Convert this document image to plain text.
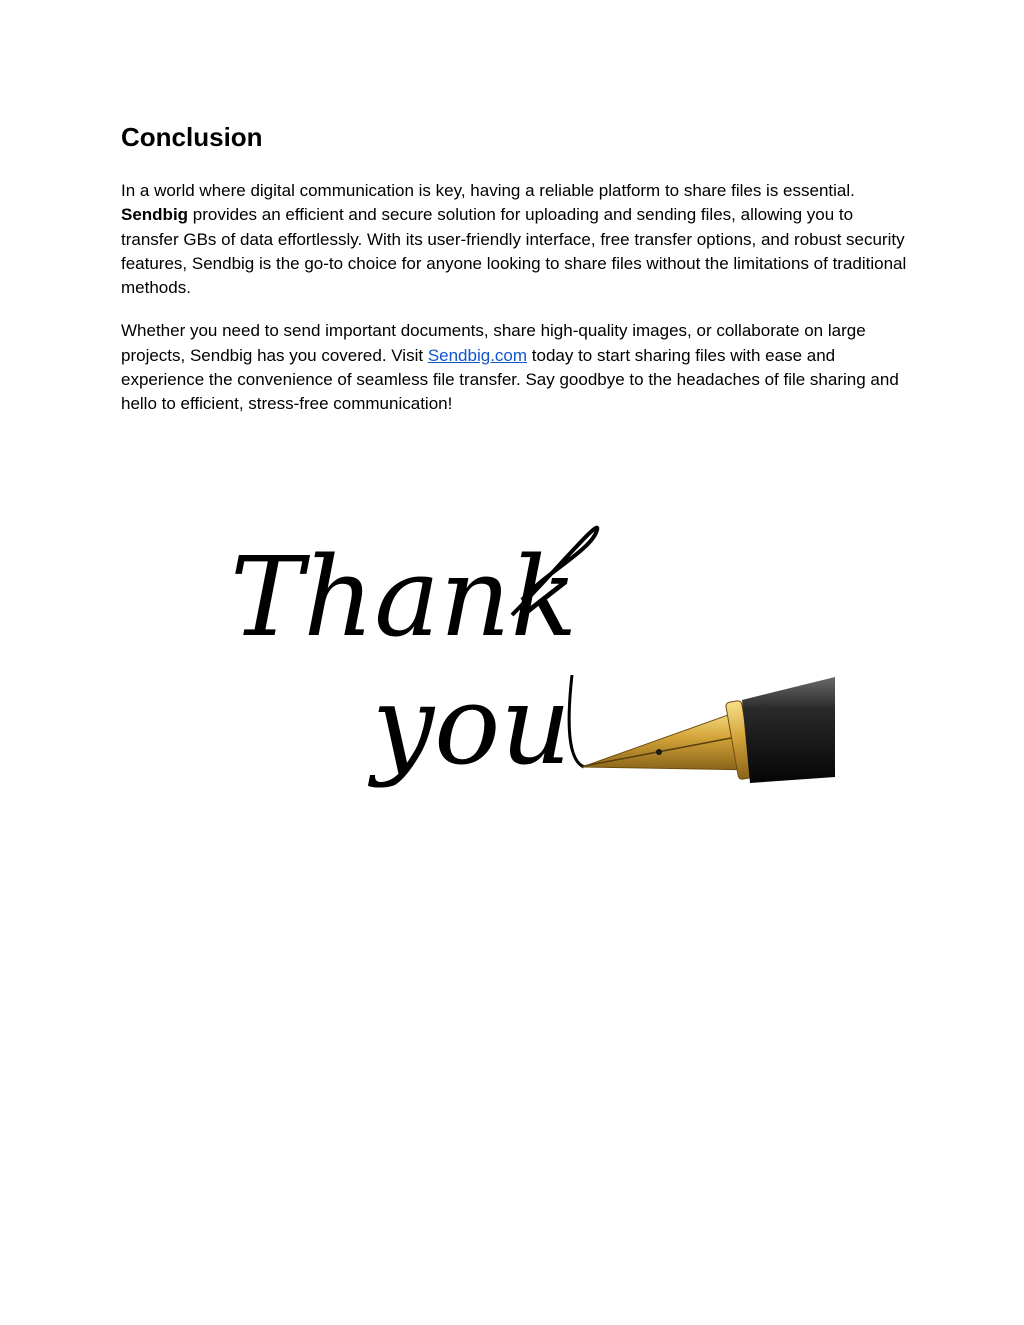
Conclusion

In a world where digital communication is key, having a reliable platform to share files is essential. Sendbig provides an efficient and secure solution for uploading and sending files, allowing you to transfer GBs of data effortlessly. With its user-friendly interface, free transfer options, and robust security features, Sendbig is the go-to choice for anyone looking to share files without the limitations of traditional methods.

Whether you need to send important documents, share high-quality images, or collaborate on large projects, Sendbig has you covered. Visit Sendbig.com today to start sharing files with ease and experience the convenience of seamless file transfer. Say goodbye to the headaches of file sharing and hello to efficient, stress-free communication!

Thank
you
